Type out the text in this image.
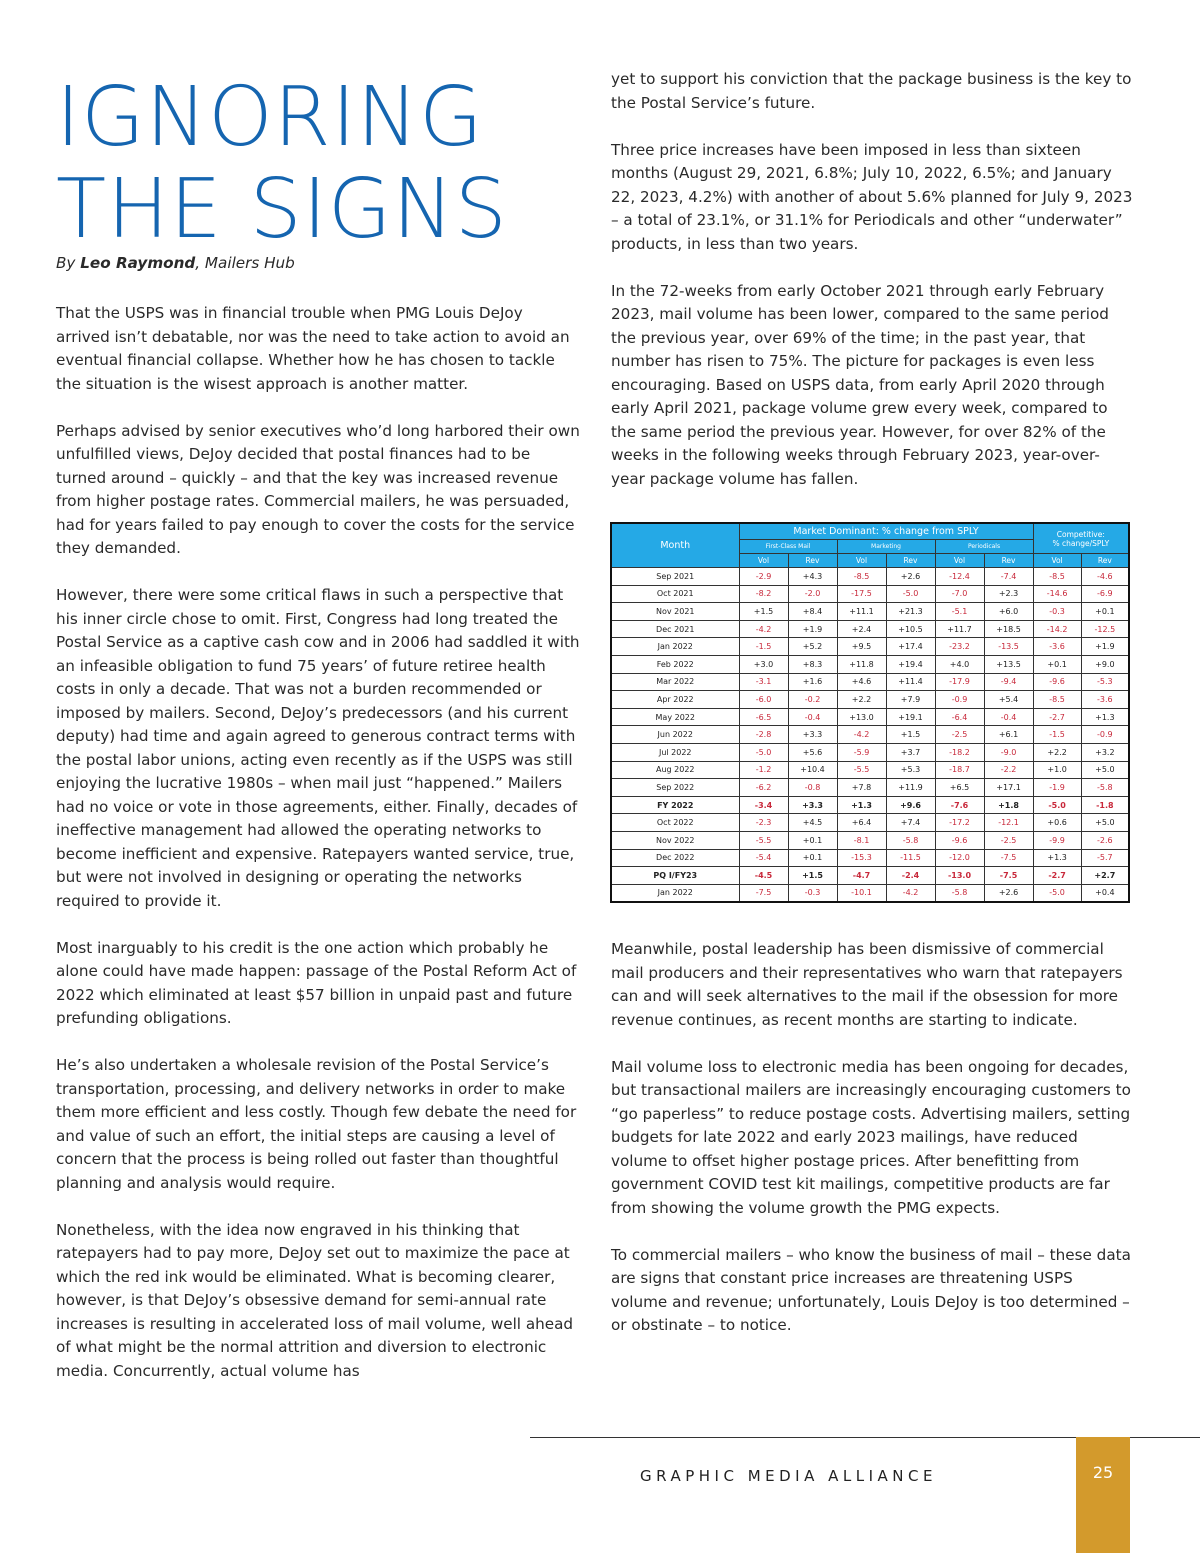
IGNORING
THE SIGNS
By Leo Raymond, Mailers Hub

That the USPS was in financial trouble when PMG Louis DeJoy arrived isn’t debatable, nor was the need to take action to avoid an eventual financial collapse. Whether how he has chosen to tackle the situation is the wisest approach is another matter.

Perhaps advised by senior executives who’d long harbored their own unfulfilled views, DeJoy decided that postal finances had to be turned around – quickly – and that the key was increased revenue from higher postage rates. Commercial mailers, he was persuaded, had for years failed to pay enough to cover the costs for the service they demanded.

However, there were some critical flaws in such a perspective that his inner circle chose to omit. First, Congress had long treated the Postal Service as a captive cash cow and in 2006 had saddled it with an infeasible obligation to fund 75 years’ of future retiree health costs in only a decade. That was not a burden recommended or imposed by mailers. Second, DeJoy’s predecessors (and his current deputy) had time and again agreed to generous contract terms with the postal labor unions, acting even recently as if the USPS was still enjoying the lucrative 1980s – when mail just “happened.” Mailers had no voice or vote in those agreements, either. Finally, decades of ineffective management had allowed the operating networks to become inefficient and expensive. Ratepayers wanted service, true, but were not involved in designing or operating the networks required to provide it.

Most inarguably to his credit is the one action which probably he alone could have made happen: passage of the Postal Reform Act of 2022 which eliminated at least $57 billion in unpaid past and future prefunding obligations.

He’s also undertaken a wholesale revision of the Postal Service’s transportation, processing, and delivery networks in order to make them more efficient and less costly. Though few debate the need for and value of such an effort, the initial steps are causing a level of concern that the process is being rolled out faster than thoughtful planning and analysis would require.

Nonetheless, with the idea now engraved in his thinking that ratepayers had to pay more, DeJoy set out to maximize the pace at which the red ink would be eliminated. What is becoming clearer, however, is that DeJoy’s obsessive demand for semi-annual rate increases is resulting in accelerated loss of mail volume, well ahead of what might be the normal attrition and diversion to electronic media. Concurrently, actual volume has

yet to support his conviction that the package business is the key to the Postal Service’s future.

Three price increases have been imposed in less than sixteen months (August 29, 2021, 6.8%; July 10, 2022, 6.5%; and January 22, 2023, 4.2%) with another of about 5.6% planned for July 9, 2023 – a total of 23.1%, or 31.1% for Periodicals and other “underwater” products, in less than two years.

In the 72-weeks from early October 2021 through early February 2023, mail volume has been lower, compared to the same period the previous year, over 69% of the time; in the past year, that number has risen to 75%. The picture for packages is even less encouraging. Based on USPS data, from early April 2020 through early April 2021, package volume grew every week, compared to the same period the previous year. However, for over 82% of the weeks in the following weeks through February 2023, year-over-year package volume has fallen.

Month	Market Dominant: % change from SPLY						Competitive:
% change/SPLY	

	First-Class Mail		Marketing		Periodicals			
	Vol	Rev	Vol	Rev	Vol	Rev	Vol	Rev
Sep 2021	-2.9	+4.3	-8.5	+2.6	-12.4	-7.4	-8.5	-4.6
Oct 2021	-8.2	-2.0	-17.5	-5.0	-7.0	+2.3	-14.6	-6.9
Nov 2021	+1.5	+8.4	+11.1	+21.3	-5.1	+6.0	-0.3	+0.1
Dec 2021	-4.2	+1.9	+2.4	+10.5	+11.7	+18.5	-14.2	-12.5
Jan 2022	-1.5	+5.2	+9.5	+17.4	-23.2	-13.5	-3.6	+1.9
Feb 2022	+3.0	+8.3	+11.8	+19.4	+4.0	+13.5	+0.1	+9.0
Mar 2022	-3.1	+1.6	+4.6	+11.4	-17.9	-9.4	-9.6	-5.3
Apr 2022	-6.0	-0.2	+2.2	+7.9	-0.9	+5.4	-8.5	-3.6
May 2022	-6.5	-0.4	+13.0	+19.1	-6.4	-0.4	-2.7	+1.3
Jun 2022	-2.8	+3.3	-4.2	+1.5	-2.5	+6.1	-1.5	-0.9
Jul 2022	-5.0	+5.6	-5.9	+3.7	-18.2	-9.0	+2.2	+3.2
Aug 2022	-1.2	+10.4	-5.5	+5.3	-18.7	-2.2	+1.0	+5.0
Sep 2022	-6.2	-0.8	+7.8	+11.9	+6.5	+17.1	-1.9	-5.8
FY 2022	-3.4	+3.3	+1.3	+9.6	-7.6	+1.8	-5.0	-1.8
Oct 2022	-2.3	+4.5	+6.4	+7.4	-17.2	-12.1	+0.6	+5.0
Nov 2022	-5.5	+0.1	-8.1	-5.8	-9.6	-2.5	-9.9	-2.6
Dec 2022	-5.4	+0.1	-15.3	-11.5	-12.0	-7.5	+1.3	-5.7
PQ I/FY23	-4.5	+1.5	-4.7	-2.4	-13.0	-7.5	-2.7	+2.7
Jan 2022	-7.5	-0.3	-10.1	-4.2	-5.8	+2.6	-5.0	+0.4

Meanwhile, postal leadership has been dismissive of commercial mail producers and their representatives who warn that ratepayers can and will seek alternatives to the mail if the obsession for more revenue continues, as recent months are starting to indicate.

Mail volume loss to electronic media has been ongoing for decades, but transactional mailers are increasingly encouraging customers to “go paperless” to reduce postage costs. Advertising mailers, setting budgets for late 2022 and early 2023 mailings, have reduced volume to offset higher postage prices. After benefitting from government COVID test kit mailings, competitive products are far from showing the volume growth the PMG expects.

To commercial mailers – who know the business of mail – these data are signs that constant price increases are threatening USPS volume and revenue; unfortunately, Louis DeJoy is too determined – or obstinate – to notice.

GRAPHIC MEDIA ALLIANCE	25
